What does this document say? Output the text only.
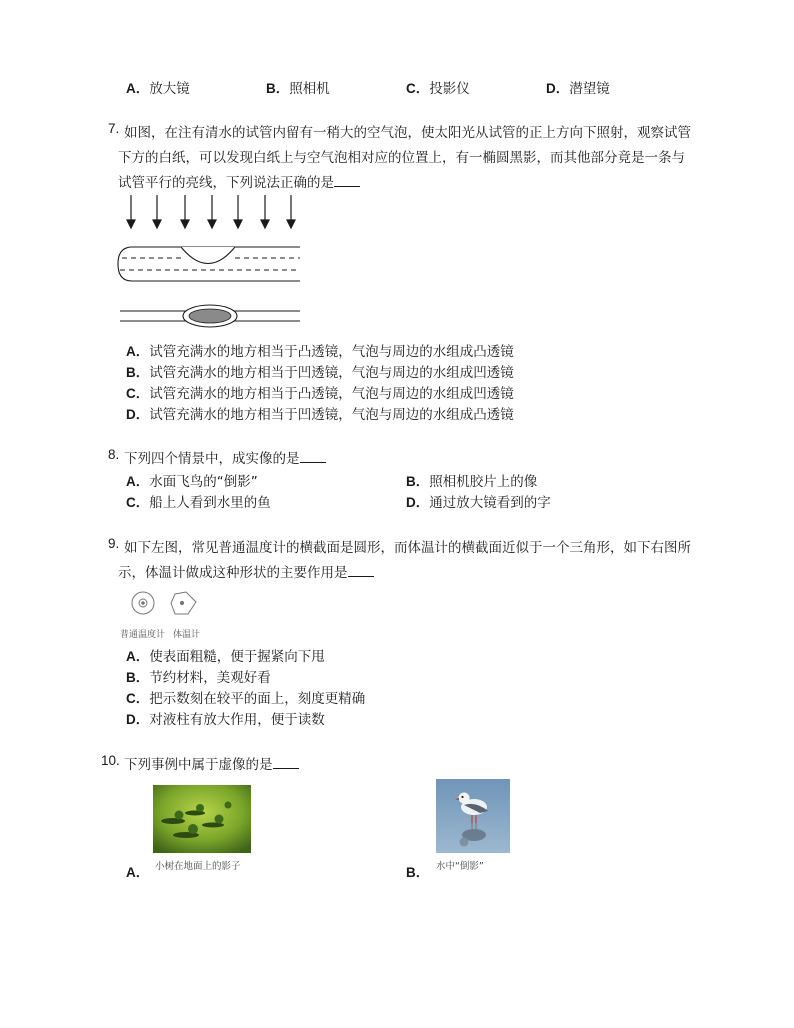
A．放大镜	B．照相机	C．投影仪	D．潜望镜
7. 如图，在注有清水的试管内留有一稍大的空气泡，使太阳光从试管的正上方向下照射，观察试管
下方的白纸，可以发现白纸上与空气泡相对应的位置上，有一椭圆黑影，而其他部分竟是一条与
试管平行的亮线，下列说法正确的是
A．试管充满水的地方相当于凸透镜，气泡与周边的水组成凸透镜
B．试管充满水的地方相当于凹透镜，气泡与周边的水组成凹透镜
C．试管充满水的地方相当于凸透镜，气泡与周边的水组成凹透镜
D．试管充满水的地方相当于凹透镜，气泡与周边的水组成凸透镜
8. 下列四个情景中，成实像的是
A．水面飞鸟的“倒影”	B．照相机胶片上的像
C．船上人看到水里的鱼	D．通过放大镜看到的字
9. 如下左图，常见普通温度计的横截面是圆形，而体温计的横截面近似于一个三角形，如下右图所
示，体温计做成这种形状的主要作用是
普通温度计 体温计
A．使表面粗糙，便于握紧向下甩
B．节约材料，美观好看
C．把示数刻在较平的面上，刻度更精确
D．对液柱有放大作用，便于读数
10. 下列事例中属于虚像的是
A． 小树在地面上的影子	B． 水中“倒影”
